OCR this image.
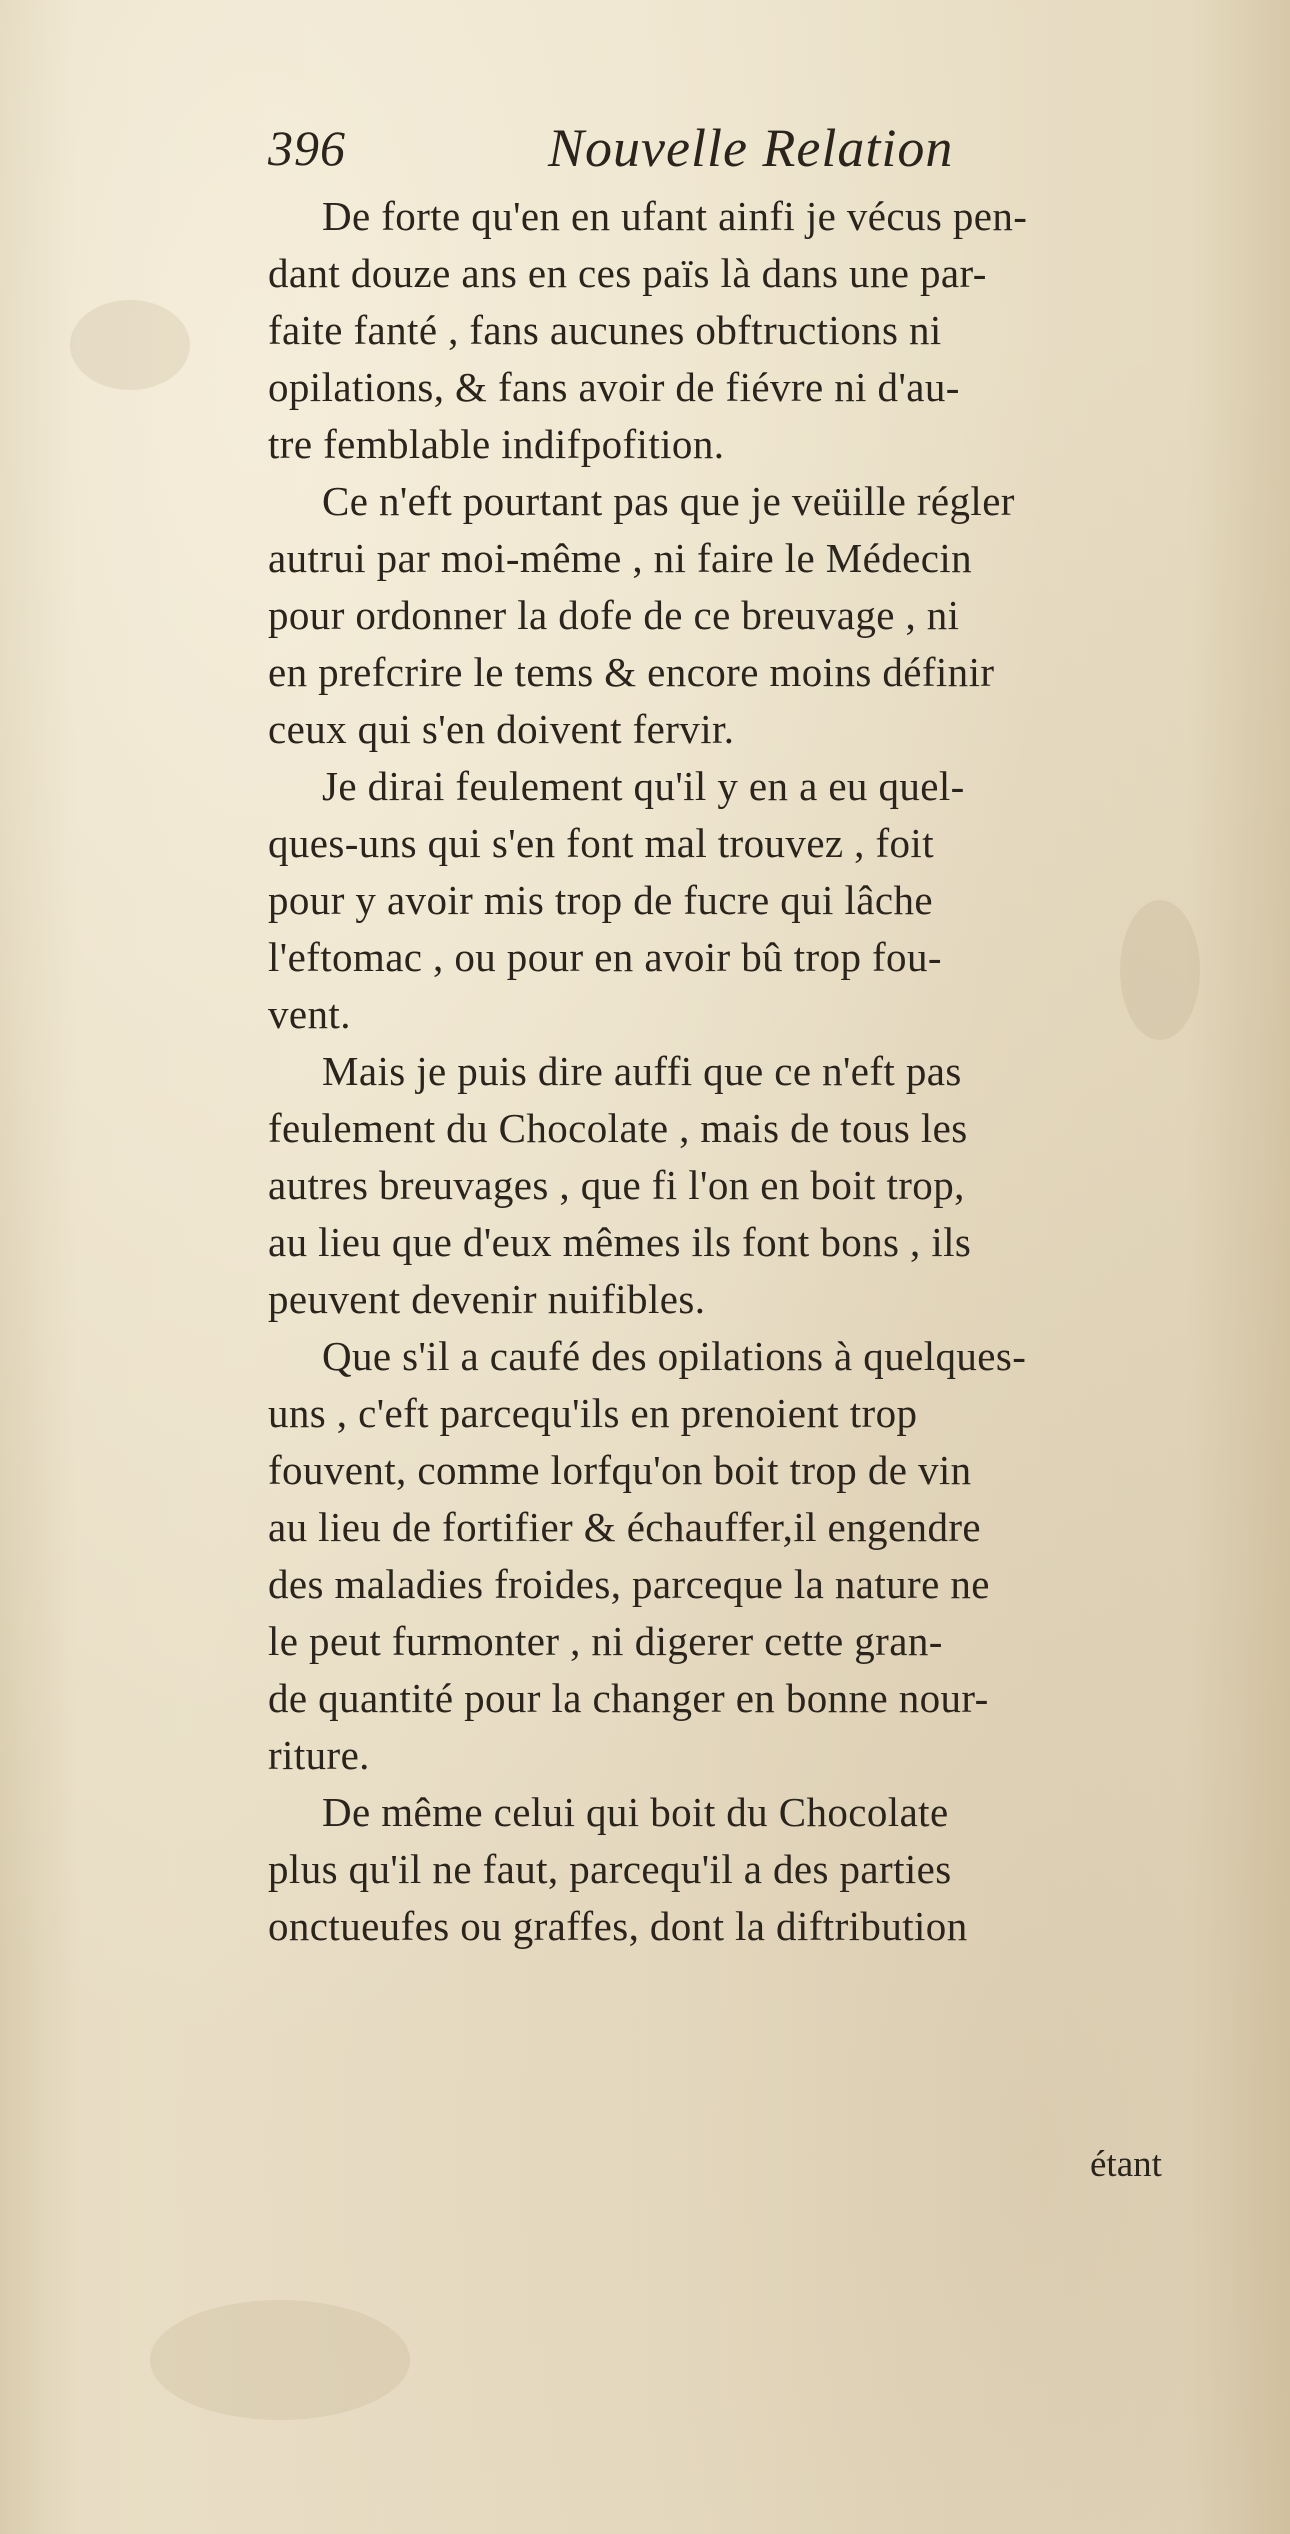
396	Nouvelle Relation
De forte qu'en en ufant ainfi je vécus pen-
dant douze ans en ces païs là dans une par-
faite fanté , fans aucunes obftructions ni
opilations, & fans avoir de fiévre ni d'au-
tre femblable indifpofition.
Ce n'eft pourtant pas que je veüille régler
autrui par moi-même , ni faire le Médecin
pour ordonner la dofe de ce breuvage , ni
en prefcrire le tems & encore moins définir
ceux qui s'en doivent fervir.
Je dirai feulement qu'il y en a eu quel-
ques-uns qui s'en font mal trouvez , foit
pour y avoir mis trop de fucre qui lâche
l'eftomac , ou pour en avoir bû trop fou-
vent.
Mais je puis dire auffi que ce n'eft pas
feulement du Chocolate , mais de tous les
autres breuvages , que fi l'on en boit trop,
au lieu que d'eux mêmes ils font bons , ils
peuvent devenir nuifibles.
Que s'il a caufé des opilations à quelques-
uns , c'eft parcequ'ils en prenoient trop
fouvent, comme lorfqu'on boit trop de vin
au lieu de fortifier & échauffer,il engendre
des maladies froides, parceque la nature ne
le peut furmonter , ni digerer cette gran-
de quantité pour la changer en bonne nour-
riture.
De même celui qui boit du Chocolate
plus qu'il ne faut, parcequ'il a des parties
onctueufes ou graffes, dont la diftribution
étant
